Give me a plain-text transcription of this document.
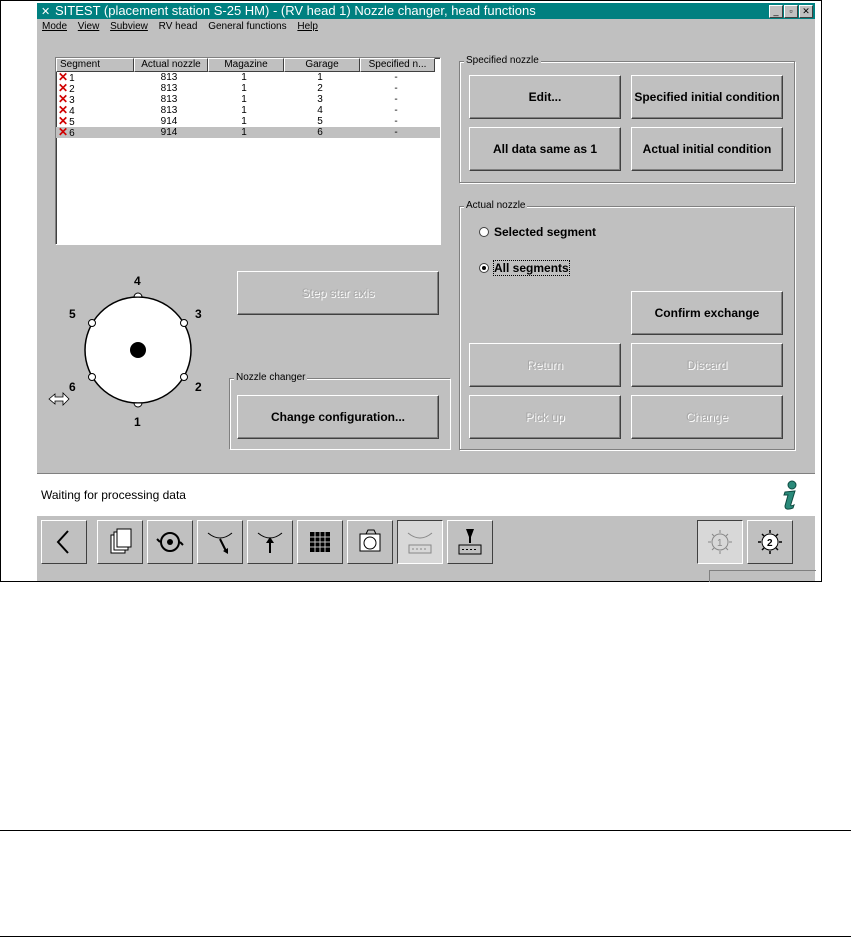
✕ SITEST (placement station S-25 HM) - (RV head 1) Nozzle changer, head functions	_ ▫ ✕
Mode View Subview RV head General functions Help
Segment	Actual nozzle	Magazine	Garage	Specified n...
✕1	813	1	1	-
✕2	813	1	2	-
✕3	813	1	3	-
✕4	813	1	4	-
✕5	914	1	5	-
✕6	914	1	6	-
Specified nozzle
Edit...	Specified initial condition
All data same as 1	Actual initial condition
Actual nozzle
Selected segment
All segments
Confirm exchange
Return	Discard
Pick up	Change
4
1
3
2
5
6
Step star axis
Nozzle changer
Change configuration...
Waiting for processing data
1	2
